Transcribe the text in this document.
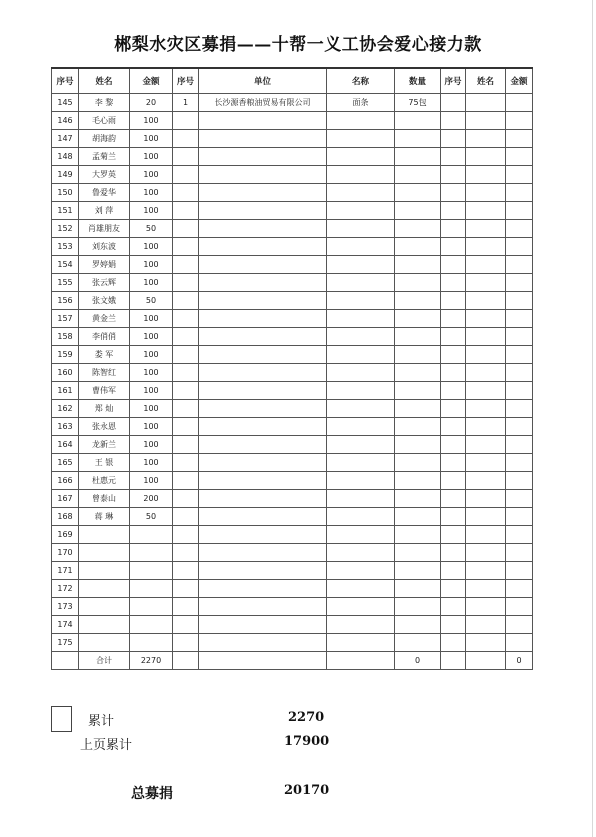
郴梨水灾区募捐——十帮一义工协会爱心接力款
序号	姓名	金额	序号	单位	名称	数量	序号	姓名	金额
145	李 黎	20	1	长沙源香粮油贸易有限公司	面条	75包			
146	毛心雨	100							
147	胡海韵	100							
148	孟菊兰	100							
149	大罗英	100							
150	鲁爱华	100							
151	刘 萍	100							
152	肖雄朋友	50							
153	刘东波	100							
154	罗婷娟	100							
155	张云辉	100							
156	张文娥	50							
157	黄金兰	100							
158	李俏俏	100							
159	娄 军	100							
160	陈智红	100							
161	曹伟军	100							
162	郑 灿	100							
163	张永恩	100							
164	龙新兰	100							
165	王 银	100							
166	杜惠元	100							
167	曾泰山	200							
168	蒋 琳	50							
169									
170									
171									
172									
173									
174									
175									
	合计	2270				0			0
累计	2270
上页累计	17900
总募捐	20170
